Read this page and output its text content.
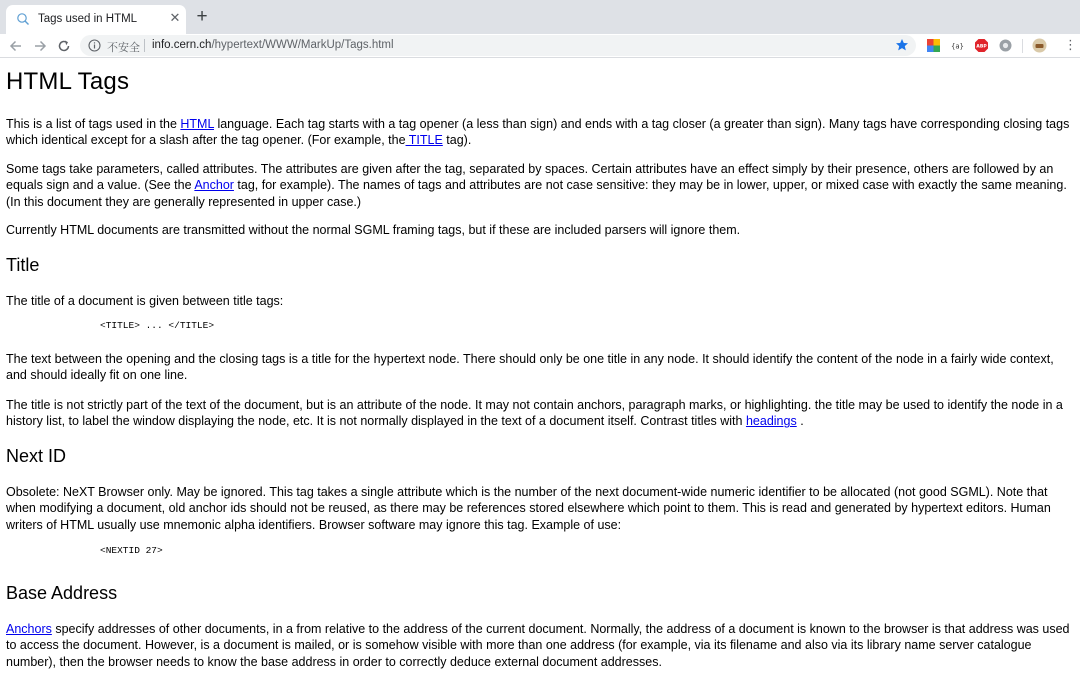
Tags used in HTML ✕ +
不安全 info.cern.ch/hypertext/WWW/MarkUp/Tags.html	{a}	ABP	⋮
HTML Tags

This is a list of tags used in the HTML language. Each tag starts with a tag opener (a less than sign) and ends with a tag closer (a greater than sign). Many tags have corresponding closing tags which identical except for a slash after the tag opener. (For example, the TITLE tag).

Some tags take parameters, called attributes. The attributes are given after the tag, separated by spaces. Certain attributes have an effect simply by their presence, others are followed by an equals sign and a value. (See the Anchor tag, for example). The names of tags and attributes are not case sensitive: they may be in lower, upper, or mixed case with exactly the same meaning. (In this document they are generally represented in upper case.)

Currently HTML documents are transmitted without the normal SGML framing tags, but if these are included parsers will ignore them.

Title

The title of a document is given between title tags:

<TITLE> ... </TITLE>

The text between the opening and the closing tags is a title for the hypertext node. There should only be one title in any node. It should identify the content of the node in a fairly wide context, and should ideally fit on one line.

The title is not strictly part of the text of the document, but is an attribute of the node. It may not contain anchors, paragraph marks, or highlighting. the title may be used to identify the node in a history list, to label the window displaying the node, etc. It is not normally displayed in the text of a document itself. Contrast titles with headings .

Next ID

Obsolete: NeXT Browser only. May be ignored. This tag takes a single attribute which is the number of the next document-wide numeric identifier to be allocated (not good SGML). Note that when modifying a document, old anchor ids should not be reused, as there may be references stored elsewhere which point to them. This is read and generated by hypertext editors. Human writers of HTML usually use mnemonic alpha identifiers. Browser software may ignore this tag. Example of use:

<NEXTID 27>
Base Address

Anchors specify addresses of other documents, in a from relative to the address of the current document. Normally, the address of a document is known to the browser is that address was used to access the document. However, is a document is mailed, or is somehow visible with more than one address (for example, via its filename and also via its library name server catalogue number), then the browser needs to know the base address in order to correctly deduce external document addresses.
